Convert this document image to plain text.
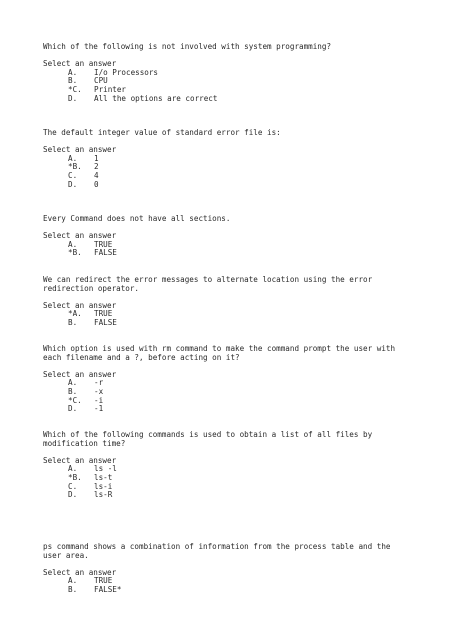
Which of the following is not involved with system programming?
Select an answer
A.	I/o Processors
B.	CPU
*C.	Printer
D.	All the options are correct
The default integer value of standard error file is:
Select an answer
A.	1
*B.	2
C.	4
D.	0
Every Command does not have all sections.
Select an answer
A.	TRUE
*B.	FALSE
We can redirect the error messages to alternate location using the error
redirection operator.
Select an answer
*A.	TRUE
B.	FALSE
Which option is used with rm command to make the command prompt the user with
each filename and a ?, before acting on it?
Select an answer
A.	-r
B.	-x
*C.	-i
D.	-1
Which of the following commands is used to obtain a list of all files by
modification time?
Select an answer
A.	ls -l
*B.	ls-t
C.	ls-i
D.	ls-R
ps command shows a combination of information from the process table and the
user area.
Select an answer
A.	TRUE
B.	FALSE*
